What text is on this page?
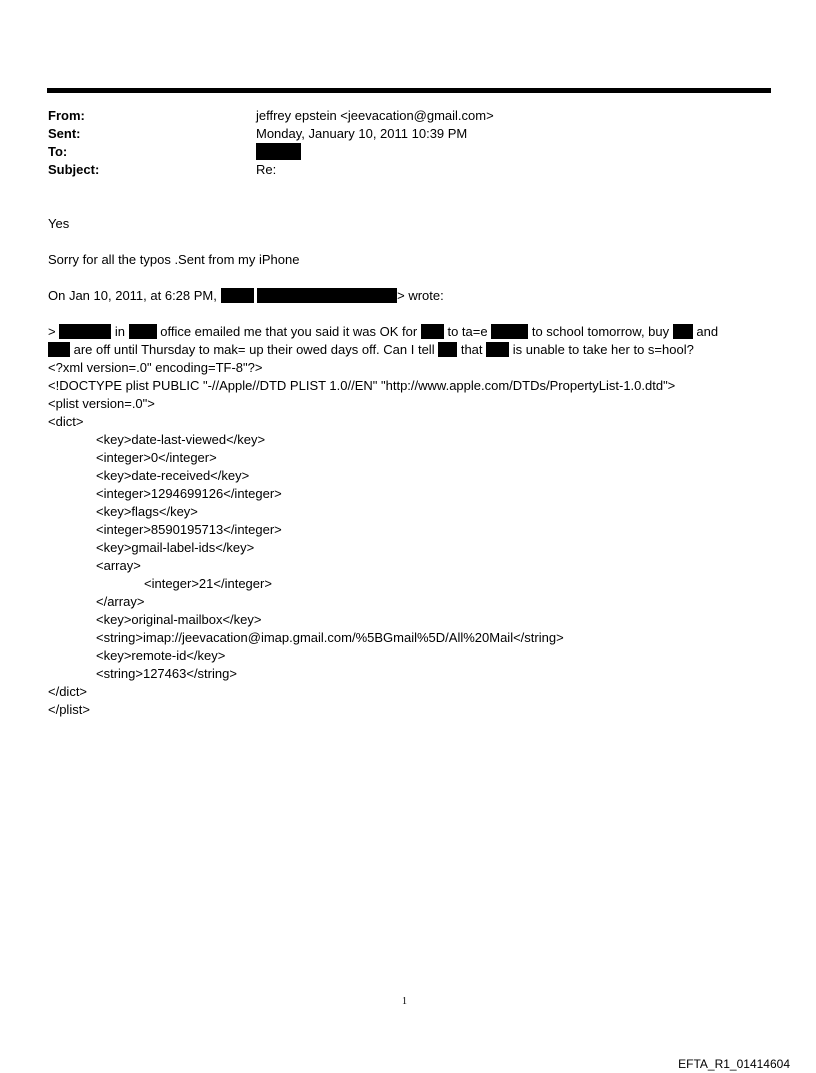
From:	jeffrey epstein <jeevacation@gmail.com>
Sent:	Monday, January 10, 2011 10:39 PM
To:
Subject:	Re:
Yes
Sorry for all the typos .Sent from my iPhone
On Jan 10, 2011, at 6:28 PM,	> wrote:
>	in	office emailed me that you said it was OK for to ta=e	to school tomorrow, buy and
are off until Thursday to mak= up their owed days off. Can I tell that is unable to take her to s=hool?
<?xml version=.0" encoding=TF-8"?>
<!DOCTYPE plist PUBLIC "-//Apple//DTD PLIST 1.0//EN" "http://www.apple.com/DTDs/PropertyList-1.0.dtd">
<plist version=.0">
<dict>
<key>date-last-viewed</key>
<integer>0</integer>
<key>date-received</key>
<integer>1294699126</integer>
<key>flags</key>
<integer>8590195713</integer>
<key>gmail-label-ids</key>
<array>
<integer>21</integer>
</array>
<key>original-mailbox</key>
<string>imap://jeevacation@imap.gmail.com/%5BGmail%5D/All%20Mail</string>
<key>remote-id</key>
<string>127463</string>
</dict>
</plist>
1
EFTA_R1_01414604
